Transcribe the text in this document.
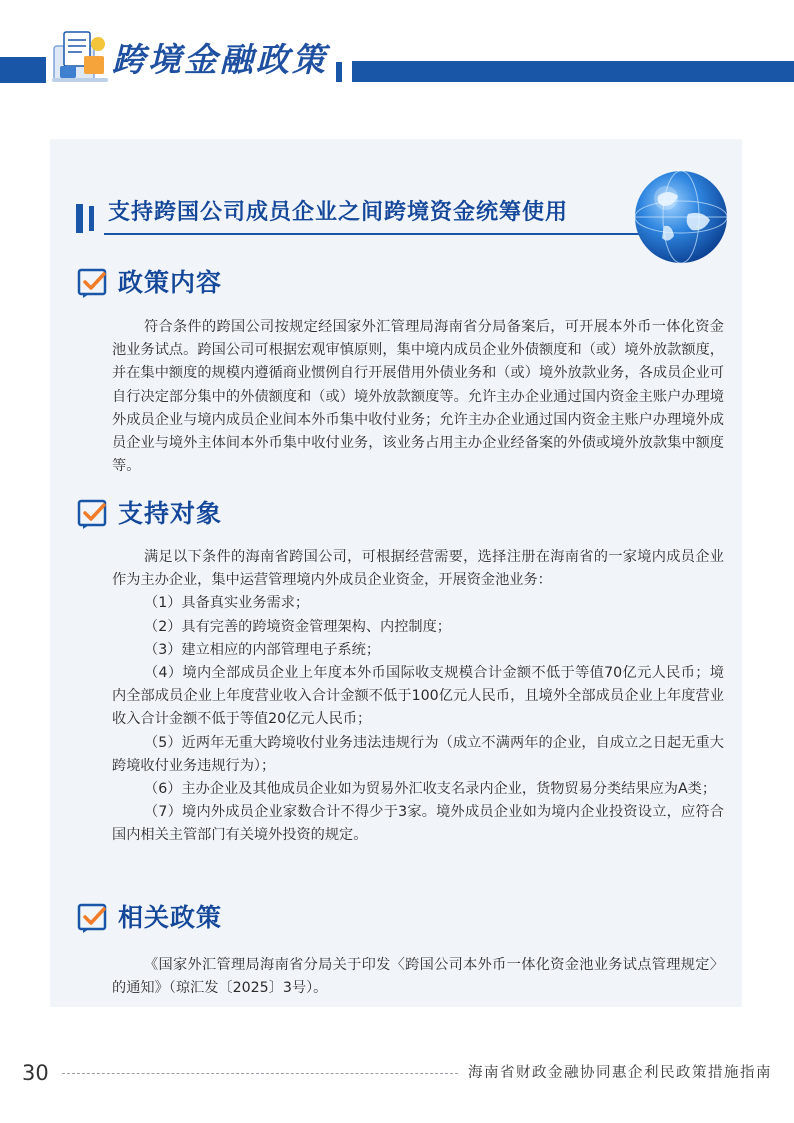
跨境金融政策
支持跨国公司成员企业之间跨境资金统筹使用
政策内容

符合条件的跨国公司按规定经国家外汇管理局海南省分局备案后，可开展本外币一体化资金池业务试点。跨国公司可根据宏观审慎原则，集中境内成员企业外债额度和（或）境外放款额度，并在集中额度的规模内遵循商业惯例自行开展借用外债业务和（或）境外放款业务，各成员企业可自行决定部分集中的外债额度和（或）境外放款额度等。允许主办企业通过国内资金主账户办理境外成员企业与境内成员企业间本外币集中收付业务；允许主办企业通过国内资金主账户办理境外成员企业与境外主体间本外币集中收付业务，该业务占用主办企业经备案的外债或境外放款集中额度等。

支持对象
满足以下条件的海南省跨国公司，可根据经营需要，选择注册在海南省的一家境内成员企业作为主办企业，集中运营管理境内外成员企业资金，开展资金池业务：
（1）具备真实业务需求；
（2）具有完善的跨境资金管理架构、内控制度；
（3）建立相应的内部管理电子系统；
（4）境内全部成员企业上年度本外币国际收支规模合计金额不低于等值70亿元人民币；境内全部成员企业上年度营业收入合计金额不低于100亿元人民币，且境外全部成员企业上年度营业收入合计金额不低于等值20亿元人民币；
（5）近两年无重大跨境收付业务违法违规行为（成立不满两年的企业，自成立之日起无重大跨境收付业务违规行为）；
（6）主办企业及其他成员企业如为贸易外汇收支名录内企业，货物贸易分类结果应为A类；
（7）境内外成员企业家数合计不得少于3家。境外成员企业如为境内企业投资设立，应符合国内相关主管部门有关境外投资的规定。
相关政策

《国家外汇管理局海南省分局关于印发〈跨国公司本外币一体化资金池业务试点管理规定〉的通知》（琼汇发〔2025〕3号）。

30	海南省财政金融协同惠企利民政策措施指南
